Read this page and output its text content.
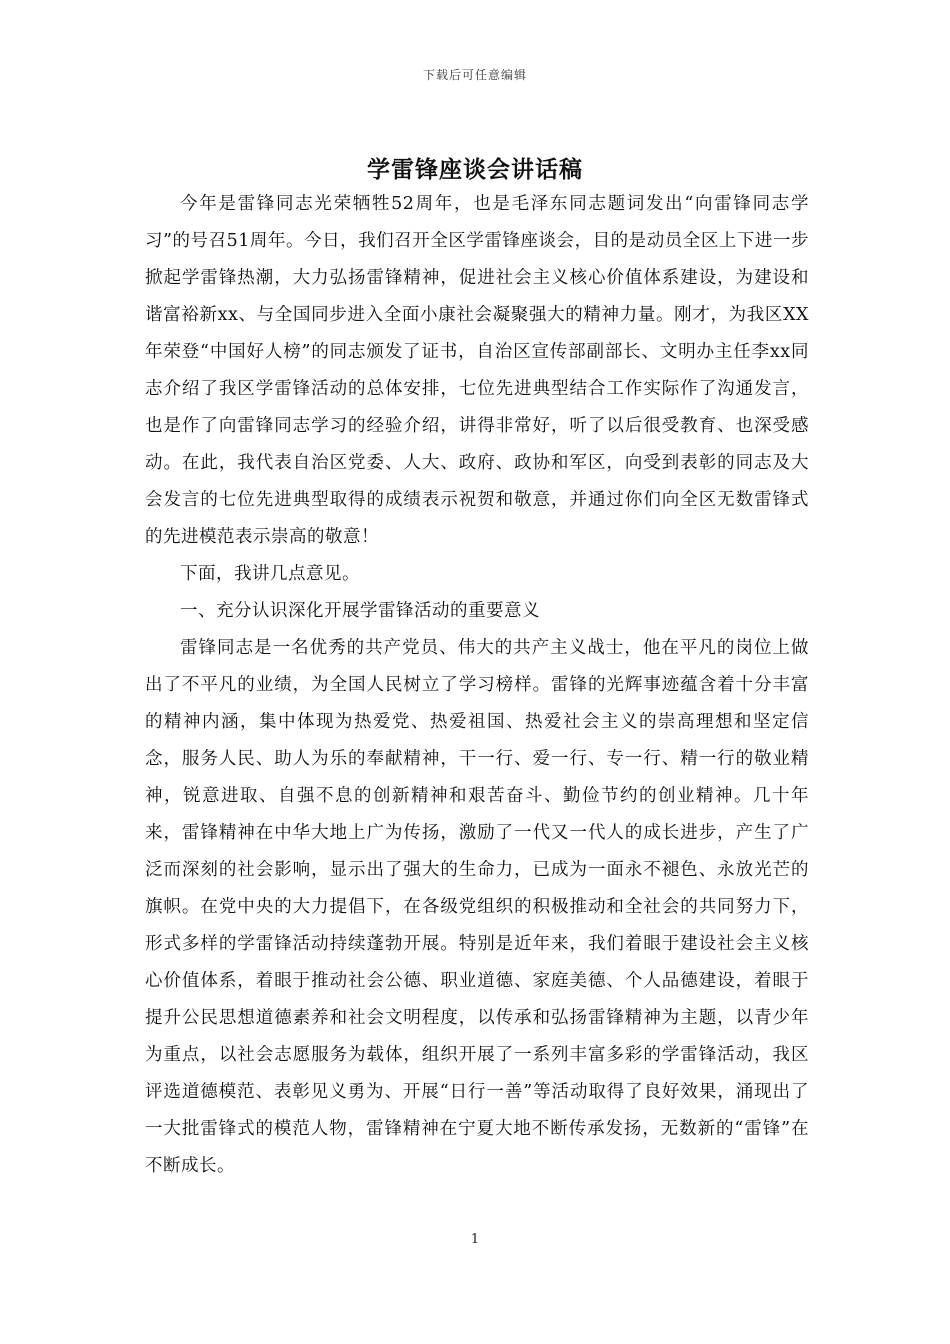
下载后可任意编辑
学雷锋座谈会讲话稿

今年是雷锋同志光荣牺牲52周年，也是毛泽东同志题词发出“向雷锋同志学习”的号召51周年。今日，我们召开全区学雷锋座谈会，目的是动员全区上下进一步掀起学雷锋热潮，大力弘扬雷锋精神，促进社会主义核心价值体系建设，为建设和谐富裕新xx、与全国同步进入全面小康社会凝聚强大的精神力量。刚才，为我区XX年荣登“中国好人榜”的同志颁发了证书，自治区宣传部副部长、文明办主任李xx同志介绍了我区学雷锋活动的总体安排，七位先进典型结合工作实际作了沟通发言，也是作了向雷锋同志学习的经验介绍，讲得非常好，听了以后很受教育、也深受感动。在此，我代表自治区党委、人大、政府、政协和军区，向受到表彰的同志及大会发言的七位先进典型取得的成绩表示祝贺和敬意，并通过你们向全区无数雷锋式的先进模范表示崇高的敬意！

下面，我讲几点意见。

一、充分认识深化开展学雷锋活动的重要意义

雷锋同志是一名优秀的共产党员、伟大的共产主义战士，他在平凡的岗位上做出了不平凡的业绩，为全国人民树立了学习榜样。雷锋的光辉事迹蕴含着十分丰富的精神内涵，集中体现为热爱党、热爱祖国、热爱社会主义的崇高理想和坚定信念，服务人民、助人为乐的奉献精神，干一行、爱一行、专一行、精一行的敬业精神，锐意进取、自强不息的创新精神和艰苦奋斗、勤俭节约的创业精神。几十年来，雷锋精神在中华大地上广为传扬，激励了一代又一代人的成长进步，产生了广泛而深刻的社会影响，显示出了强大的生命力，已成为一面永不褪色、永放光芒的旗帜。在党中央的大力提倡下，在各级党组织的积极推动和全社会的共同努力下，形式多样的学雷锋活动持续蓬勃开展。特别是近年来，我们着眼于建设社会主义核心价值体系，着眼于推动社会公德、职业道德、家庭美德、个人品德建设，着眼于提升公民思想道德素养和社会文明程度，以传承和弘扬雷锋精神为主题，以青少年为重点，以社会志愿服务为载体，组织开展了一系列丰富多彩的学雷锋活动，我区评选道德模范、表彰见义勇为、开展“日行一善”等活动取得了良好效果，涌现出了一大批雷锋式的模范人物，雷锋精神在宁夏大地不断传承发扬，无数新的“雷锋”在不断成长。

1
